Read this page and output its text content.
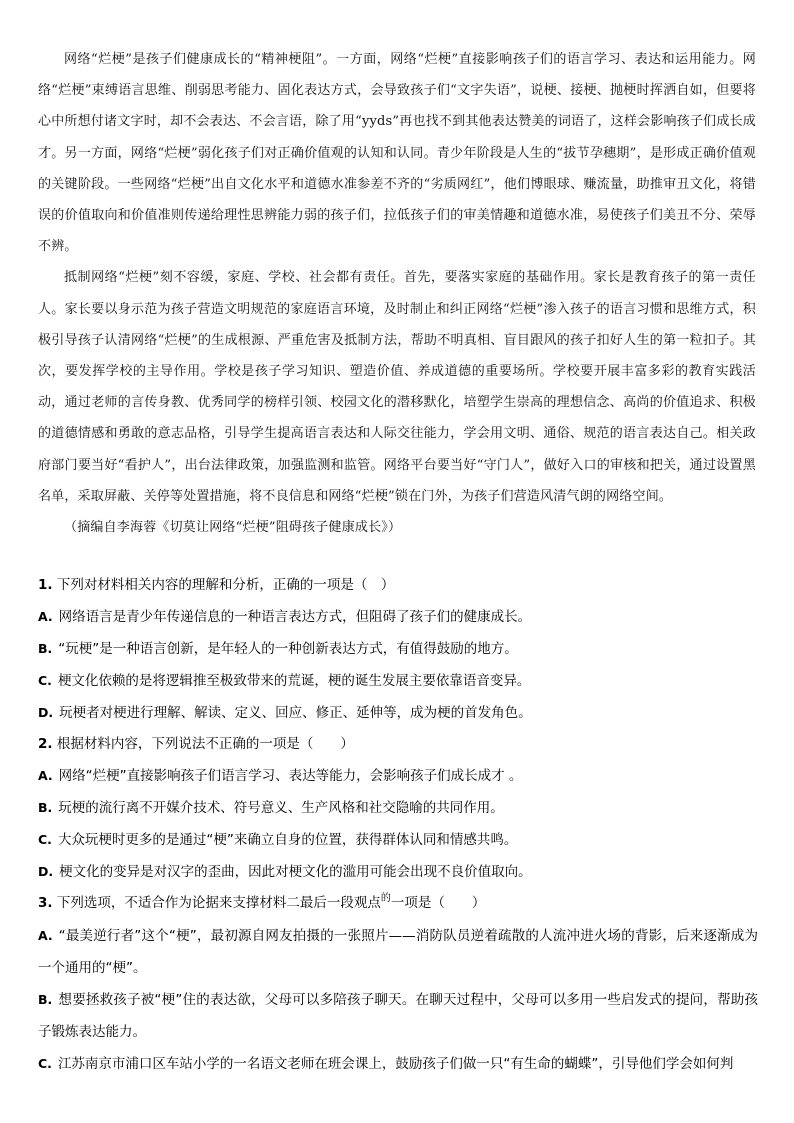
网络“烂梗”是孩子们健康成长的“精神梗阻”。一方面，网络“烂梗”直接影响孩子们的语言学习、表达和运用能力。网络“烂梗”束缚语言思维、削弱思考能力、固化表达方式，会导致孩子们“文字失语”，说梗、接梗、抛梗时挥洒自如，但要将心中所想付诸文字时，却不会表达、不会言语，除了用“yyds”再也找不到其他表达赞美的词语了，这样会影响孩子们成长成才。另一方面，网络“烂梗”弱化孩子们对正确价值观的认知和认同。青少年阶段是人生的“拔节孕穗期”，是形成正确价值观的关键阶段。一些网络“烂梗”出自文化水平和道德水准参差不齐的“劣质网红”，他们博眼球、赚流量，助推审丑文化，将错误的价值取向和价值准则传递给理性思辨能力弱的孩子们，拉低孩子们的审美情趣和道德水准，易使孩子们美丑不分、荣辱不辨。

抵制网络“烂梗”刻不容缓，家庭、学校、社会都有责任。首先，要落实家庭的基础作用。家长是教育孩子的第一责任人。家长要以身示范为孩子营造文明规范的家庭语言环境，及时制止和纠正网络“烂梗”渗入孩子的语言习惯和思维方式，积极引导孩子认清网络“烂梗”的生成根源、严重危害及抵制方法，帮助不明真相、盲目跟风的孩子扣好人生的第一粒扣子。其次，要发挥学校的主导作用。学校是孩子学习知识、塑造价值、养成道德的重要场所。学校要开展丰富多彩的教育实践活动，通过老师的言传身教、优秀同学的榜样引领、校园文化的潜移默化，培塑学生崇高的理想信念、高尚的价值追求、积极的道德情感和勇敢的意志品格，引导学生提高语言表达和人际交往能力，学会用文明、通俗、规范的语言表达自己。相关政府部门要当好“看护人”，出台法律政策，加强监测和监管。网络平台要当好“守门人”，做好入口的审核和把关，通过设置黑名单，采取屏蔽、关停等处置措施，将不良信息和网络“烂梗”锁在门外，为孩子们营造风清气朗的网络空间。

（摘编自李海蓉《切莫让网络“烂梗”阻碍孩子健康成长》）

1. 下列对材料相关内容的理解和分析，正确的一项是（　）

A. 网络语言是青少年传递信息的一种语言表达方式，但阻碍了孩子们的健康成长。

B. “玩梗”是一种语言创新，是年轻人的一种创新表达方式，有值得鼓励的地方。

C. 梗文化依赖的是将逻辑推至极致带来的荒诞，梗的诞生发展主要依靠语音变异。

D. 玩梗者对梗进行理解、解读、定义、回应、修正、延伸等，成为梗的首发角色。

2. 根据材料内容，下列说法不正确的一项是（　　）

A. 网络“烂梗”直接影响孩子们语言学习、表达等能力，会影响孩子们成长成才 。

B. 玩梗的流行离不开媒介技术、符号意义、生产风格和社交隐喻的共同作用。

C. 大众玩梗时更多的是通过“梗”来确立自身的位置，获得群体认同和情感共鸣。

D. 梗文化的变异是对汉字的歪曲，因此对梗文化的滥用可能会出现不良价值取向。

3. 下列选项，不适合作为论据来支撑材料二最后一段观点$^的$一项是（　　）

A. “最美逆行者”这个“梗”，最初源自网友拍摄的一张照片——消防队员逆着疏散的人流冲进火场的背影，后来逐渐成为一个通用的“梗”。

B. 想要拯救孩子被“梗”住的表达欲，父母可以多陪孩子聊天。在聊天过程中，父母可以多用一些启发式的提问，帮助孩子锻炼表达能力。

C. 江苏南京市浦口区车站小学的一名语文老师在班会课上，鼓励孩子们做一只“有生命的蝴蝶”，引导他们学会如何判
